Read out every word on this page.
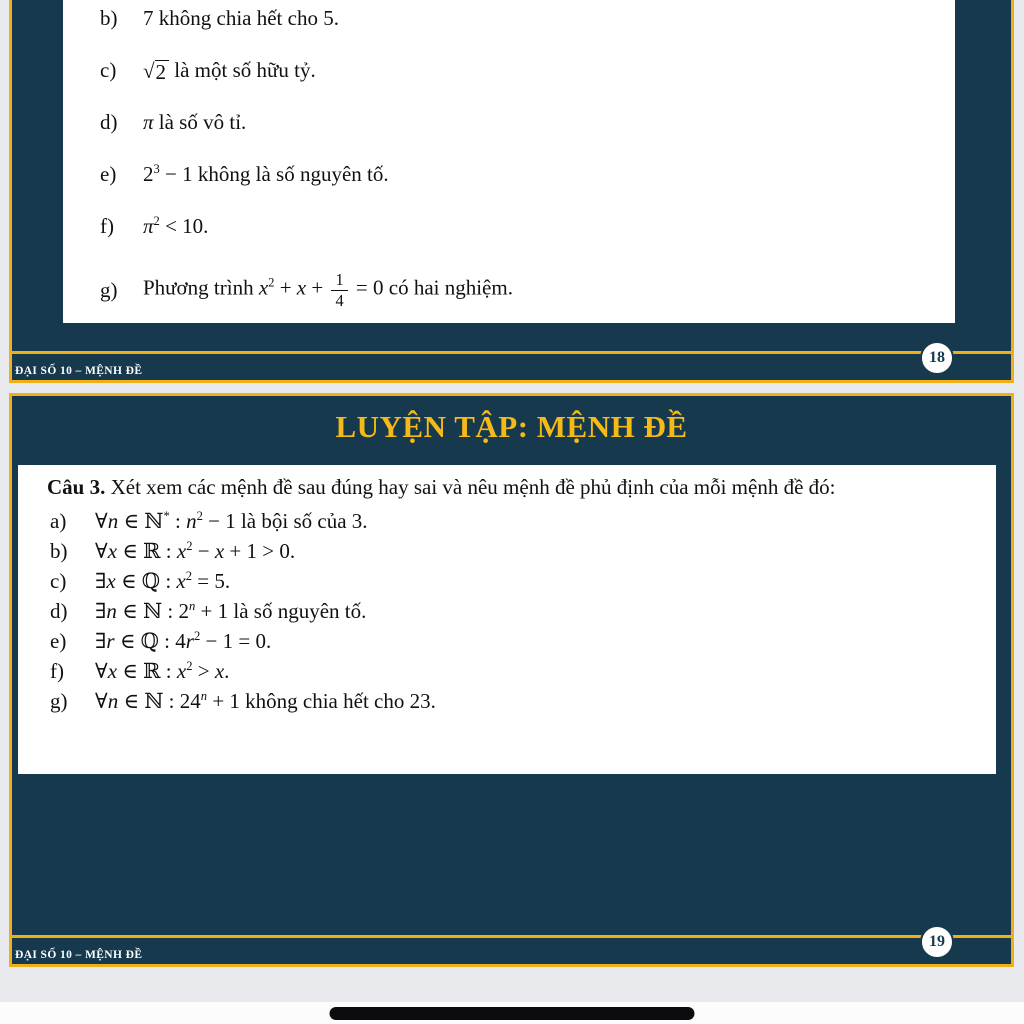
b)	7 không chia hết cho 5.
c)	√ 2 là một số hữu tỷ.
d)	π là số vô tỉ.
e)	$2^3 - 1$ không là số nguyên tố.
f)	$\pi^2 < 10$.
g)	Phương trình $x^2 + x + \frac{1}{4} = 0$ có hai nghiệm.
ĐẠI SỐ 10 – MỆNH ĐỀ
18
LUYỆN TẬP: MỆNH ĐỀ
Câu 3. Xét xem các mệnh đề sau đúng hay sai và nêu mệnh đề phủ định của mỗi mệnh đề đó:
a)	∀n ∈ ℕ* : $n^2 - 1$ là bội số của 3.
b)	∀x ∈ ℝ : $x^2 - x + 1 > 0$.
c)	∃x ∈ ℚ : $x^2 = 5$.
d)	∃n ∈ ℕ : $2^n + 1$ là số nguyên tố.
e)	∃r ∈ ℚ : $4r^2 - 1 = 0$.
f)	∀x ∈ ℝ : $x^2 > x$.
g)	∀n ∈ ℕ : $24^n + 1$ không chia hết cho 23.
ĐẠI SỐ 10 – MỆNH ĐỀ
19
